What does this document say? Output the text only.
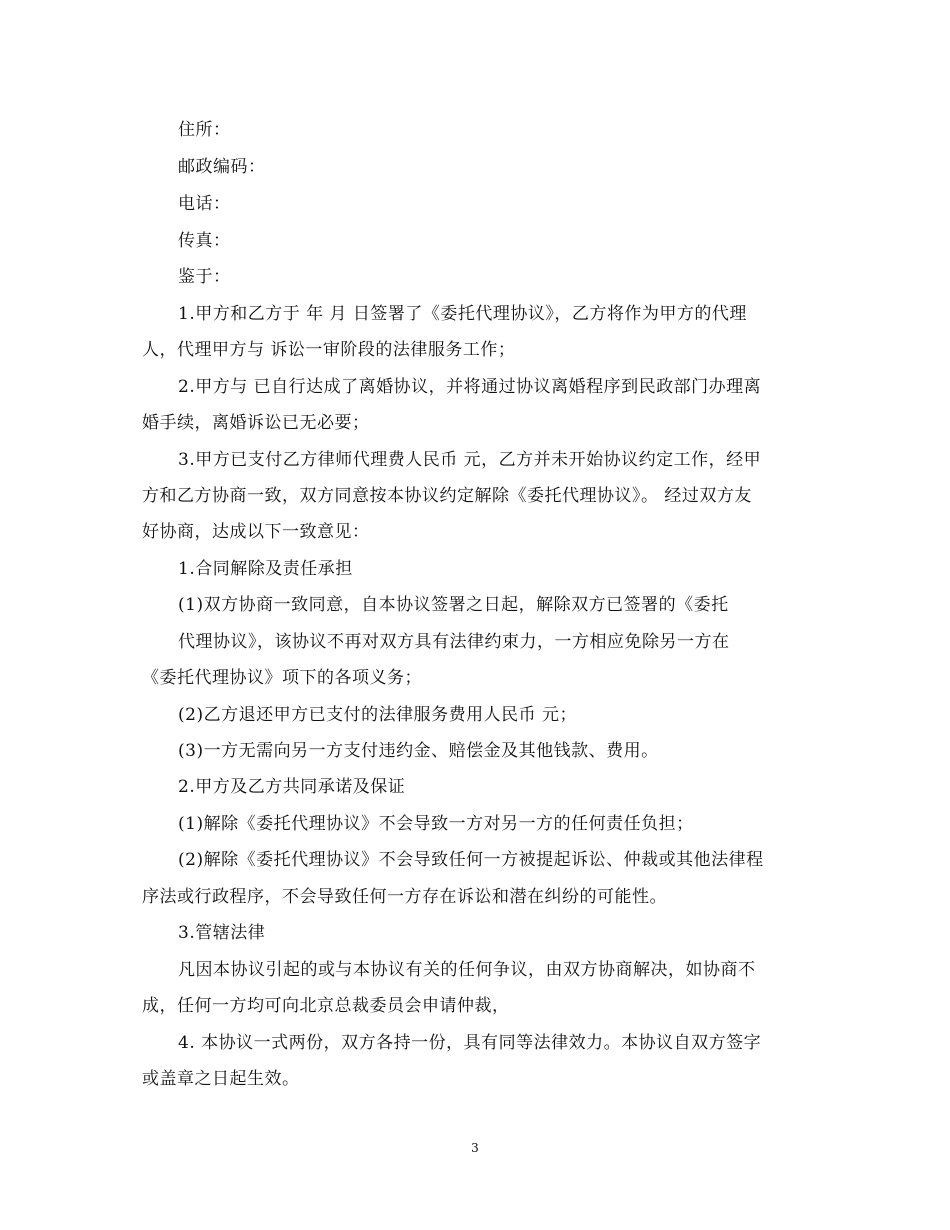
住所：
邮政编码：
电话：
传真：
鉴于：
1.甲方和乙方于 年 月 日签署了《委托代理协议》，乙方将作为甲方的代理
人，代理甲方与 诉讼一审阶段的法律服务工作；
2.甲方与 已自行达成了离婚协议，并将通过协议离婚程序到民政部门办理离
婚手续，离婚诉讼已无必要；
3.甲方已支付乙方律师代理费人民币 元，乙方并未开始协议约定工作，经甲
方和乙方协商一致，双方同意按本协议约定解除《委托代理协议》。 经过双方友
好协商，达成以下一致意见：
1.合同解除及责任承担
(1)双方协商一致同意，自本协议签署之日起，解除双方已签署的《委托
代理协议》，该协议不再对双方具有法律约束力，一方相应免除另一方在
《委托代理协议》项下的各项义务；
(2)乙方退还甲方已支付的法律服务费用人民币 元；
(3)一方无需向另一方支付违约金、赔偿金及其他钱款、费用。
2.甲方及乙方共同承诺及保证
(1)解除《委托代理协议》不会导致一方对另一方的任何责任负担；
(2)解除《委托代理协议》不会导致任何一方被提起诉讼、仲裁或其他法律程
序法或行政程序，不会导致任何一方存在诉讼和潜在纠纷的可能性。
3.管辖法律
凡因本协议引起的或与本协议有关的任何争议，由双方协商解决，如协商不
成，任何一方均可向北京总裁委员会申请仲裁，
4. 本协议一式两份，双方各持一份，具有同等法律效力。本协议自双方签字
或盖章之日起生效。
3
